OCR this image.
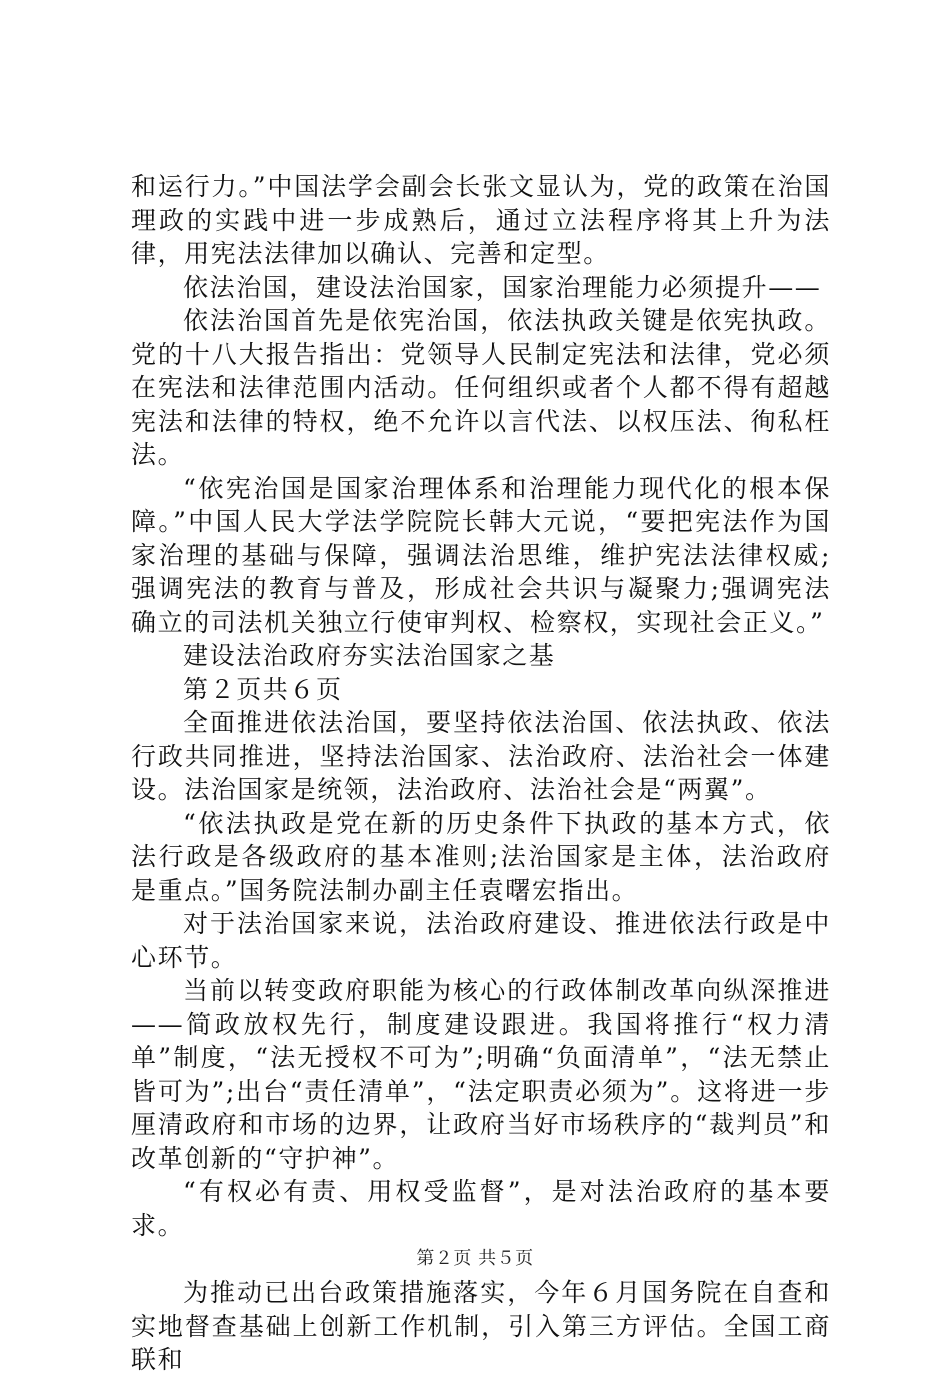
和运行力。”中国法学会副会长张文显认为，党的政策在治国理政的实践中进一步成熟后，通过立法程序将其上升为法律，用宪法法律加以确认、完善和定型。

依法治国，建设法治国家，国家治理能力必须提升——

依法治国首先是依宪治国，依法执政关键是依宪执政。党的十八大报告指出：党领导人民制定宪法和法律，党必须在宪法和法律范围内活动。任何组织或者个人都不得有超越宪法和法律的特权，绝不允许以言代法、以权压法、徇私枉法。

“依宪治国是国家治理体系和治理能力现代化的根本保障。”中国人民大学法学院院长韩大元说，“要把宪法作为国家治理的基础与保障，强调法治思维，维护宪法法律权威;强调宪法的教育与普及，形成社会共识与凝聚力;强调宪法确立的司法机关独立行使审判权、检察权，实现社会正义。”

建设法治政府夯实法治国家之基

第２页共６页

全面推进依法治国，要坚持依法治国、依法执政、依法行政共同推进，坚持法治国家、法治政府、法治社会一体建设。法治国家是统领，法治政府、法治社会是“两翼”。

“依法执政是党在新的历史条件下执政的基本方式，依法行政是各级政府的基本准则;法治国家是主体，法治政府是重点。”国务院法制办副主任袁曙宏指出。

对于法治国家来说，法治政府建设、推进依法行政是中心环节。

当前以转变政府职能为核心的行政体制改革向纵深推进——简政放权先行，制度建设跟进。我国将推行“权力清单”制度，“法无授权不可为”;明确“负面清单”，“法无禁止皆可为”;出台“责任清单”，“法定职责必须为”。这将进一步厘清政府和市场的边界，让政府当好市场秩序的“裁判员”和改革创新的“守护神”。

“有权必有责、用权受监督”，是对法治政府的基本要求。

为推动已出台政策措施落实，今年６月国务院在自查和实地督查基础上创新工作机制，引入第三方评估。全国工商联和

第２页 共５页
